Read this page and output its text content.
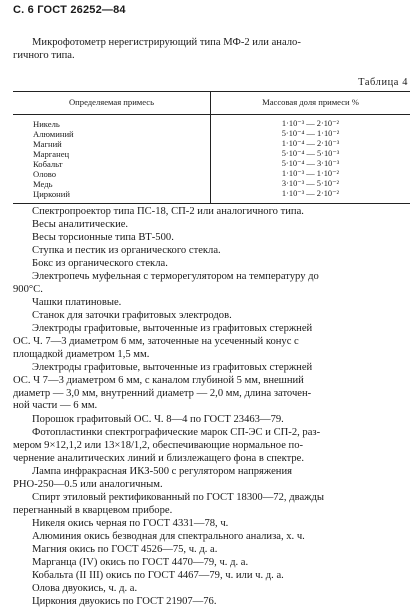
С. 6 ГОСТ 26252—84
Микрофотометр нерегистрирующий типа МФ-2 или анало-
гичного типа.
Таблица 4
Определяемая примесь	Массовая доля примеси %
Никель
Алюминий
Магний
Марганец
Кобальт
Олово
Медь
Цирконий
1·10⁻³ — 2·10⁻²
5·10⁻⁴ — 1·10⁻²
1·10⁻⁴ — 2·10⁻³
5·10⁻⁴ — 5·10⁻³
5·10⁻⁴ — 3·10⁻³
1·10⁻³ — 1·10⁻²
3·10⁻³ — 5·10⁻²
1·10⁻³ — 2·10⁻²
Спектропроектор типа ПС-18, СП-2 или аналогичного типа.
Весы аналитические.
Весы торсионные типа ВТ-500.
Ступка и пестик из органического стекла.
Бокс из органического стекла.
Электропечь муфельная с терморегулятором на температуру до
900°С.
Чашки платиновые.
Станок для заточки графитовых электродов.
Электроды графитовые, выточенные из графитовых стержней
ОС. Ч. 7—3 диаметром 6 мм, заточенные на усеченный конус с
площадкой диаметром 1,5 мм.
Электроды графитовые, выточенные из графитовых стержней
ОС. Ч 7—3 диаметром 6 мм, с каналом глубиной 5 мм, внешний
диаметр — 3,0 мм, внутренний диаметр — 2,0 мм, длина заточен-
ной части — 6 мм.
Порошок графитовый ОС. Ч. 8—4 по ГОСТ 23463—79.
Фотопластинки спектрографические марок СП-ЭС и СП-2, раз-
мером 9×12,1,2 или 13×18/1,2, обеспечивающие нормальное по-
чернение аналитических линий и близлежащего фона в спектре.
Лампа инфракрасная ИКЗ-500 с регулятором напряжения
РНО-250—0.5 или аналогичным.
Спирт этиловый ректификованный по ГОСТ 18300—72, дважды
перегнанный в кварцевом приборе.
Никеля окись черная по ГОСТ 4331—78, ч.
Алюминия окись безводная для спектрального анализа, х. ч.
Магния окись по ГОСТ 4526—75, ч. д. а.
Марганца (IV) окись по ГОСТ 4470—79, ч. д. а.
Кобальта (II III) окись по ГОСТ 4467—79, ч. или ч. д. а.
Олова двуокись, ч. д. а.
Циркония двуокись по ГОСТ 21907—76.
